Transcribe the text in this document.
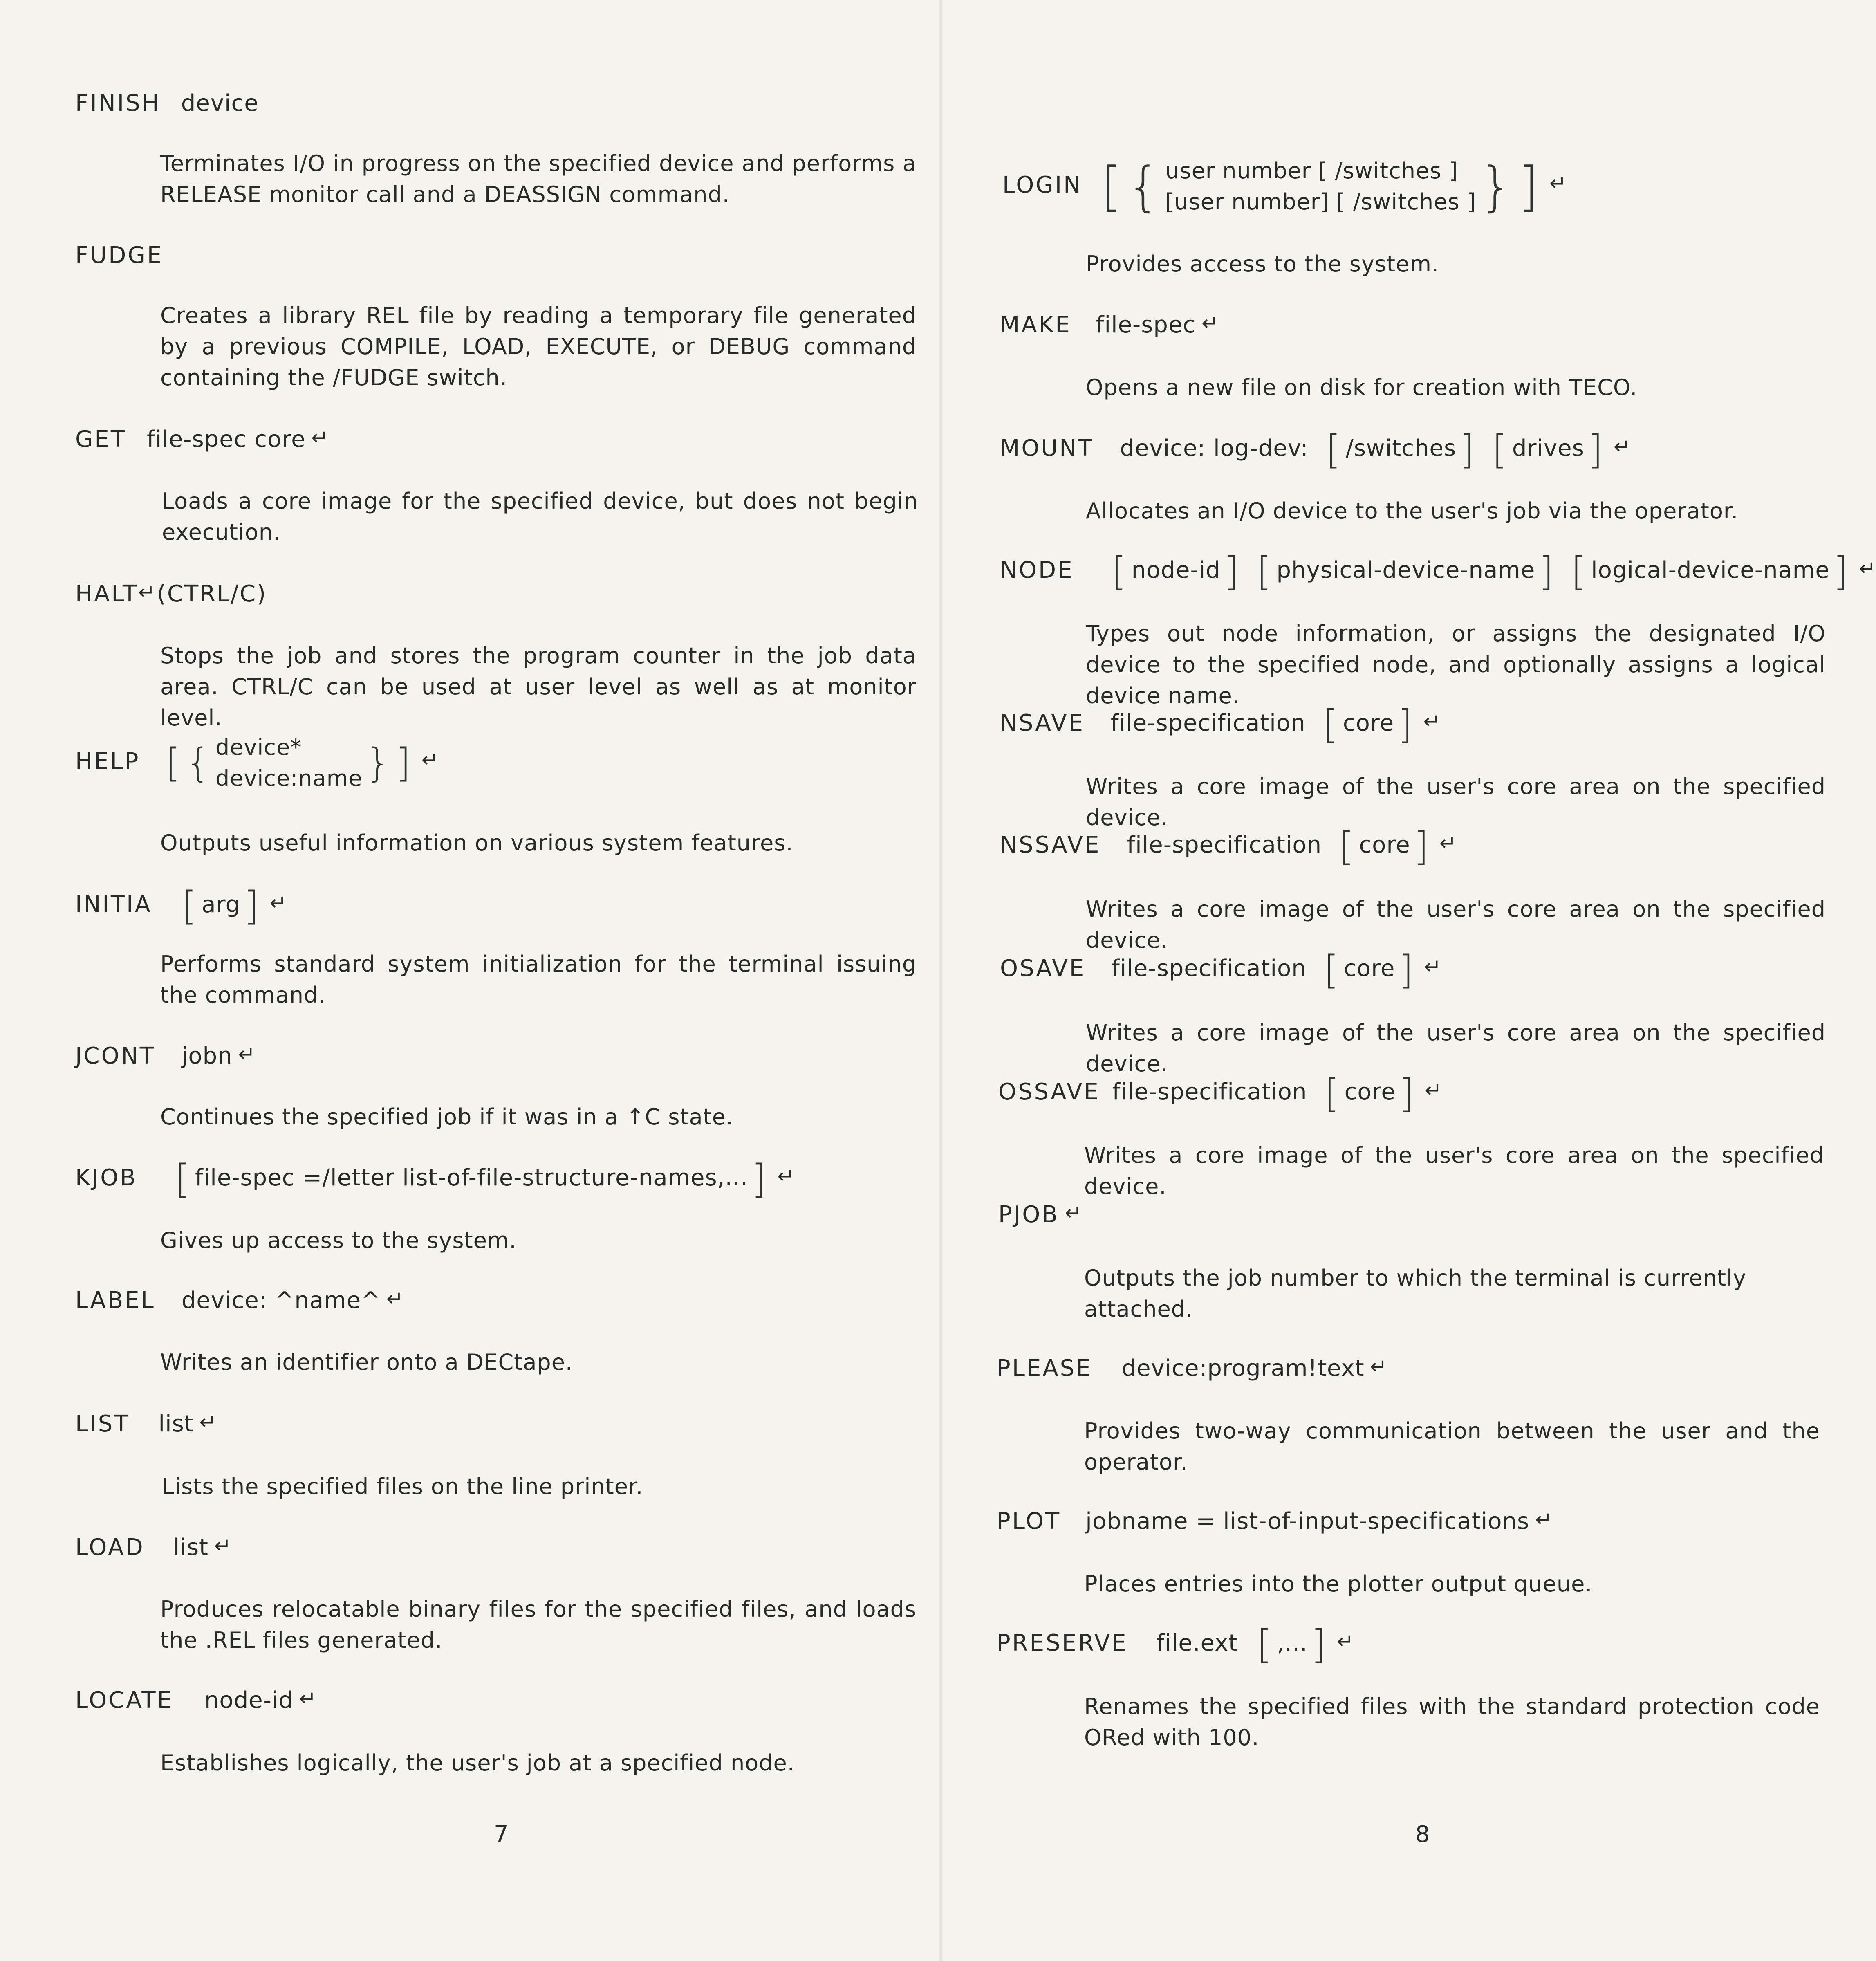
FINISH device
Terminates I/O in progress on the specified device and performs a RELEASE monitor call and a DEASSIGN command.
FUDGE
Creates a library REL file by reading a temporary file generated by a previous COMPILE, LOAD, EXECUTE, or DEBUG command containing the /FUDGE switch.
GET file-spec core ↵
Loads a core image for the specified device, but does not begin execution.
HALT↵(CTRL/C)
Stops the job and stores the program counter in the job data area. CTRL/C can be used at user level as well as at monitor level.
HELP [{ device*
device:name }] ↵
Outputs useful information on various system features.
INITIA [ arg] ↵
Performs standard system initialization for the terminal issuing the command.
JCONT jobn ↵
Continues the specified job if it was in a ↑C state.
KJOB [ file-spec =/letter list-of-file-structure-names,...] ↵
Gives up access to the system.
LABEL device: ^name^ ↵
Writes an identifier onto a DECtape.
LIST list ↵
Lists the specified files on the line printer.
LOAD list ↵
Produces relocatable binary files for the specified files, and loads the .REL files generated.
LOCATE node-id ↵
Establishes logically, the user's job at a specified node.
7
LOGIN [{ user number [ /switches ]
[user number] [ /switches ] }] ↵
Provides access to the system.
MAKE file-spec ↵
Opens a new file on disk for creation with TECO.
MOUNT device: log-dev: [ /switches] [ drives] ↵
Allocates an I/O device to the user's job via the operator.
NODE [ node-id] [ physical-device-name] [ logical-device-name] ↵
Types out node information, or assigns the designated I/O device to the specified node, and optionally assigns a logical device name.
NSAVE file-specification [ core] ↵
Writes a core image of the user's core area on the specified device.
NSSAVE file-specification [ core] ↵
Writes a core image of the user's core area on the specified device.
OSAVE file-specification [ core] ↵
Writes a core image of the user's core area on the specified device.
OSSAVE file-specification [ core] ↵
Writes a core image of the user's core area on the specified device.
PJOB ↵
Outputs the job number to which the terminal is currently attached.
PLEASE device:program!text ↵
Provides two-way communication between the user and the operator.
PLOT jobname = list-of-input-specifications ↵
Places entries into the plotter output queue.
PRESERVE file.ext [ ,...] ↵
Renames the specified files with the standard protection code ORed with 100.
8
